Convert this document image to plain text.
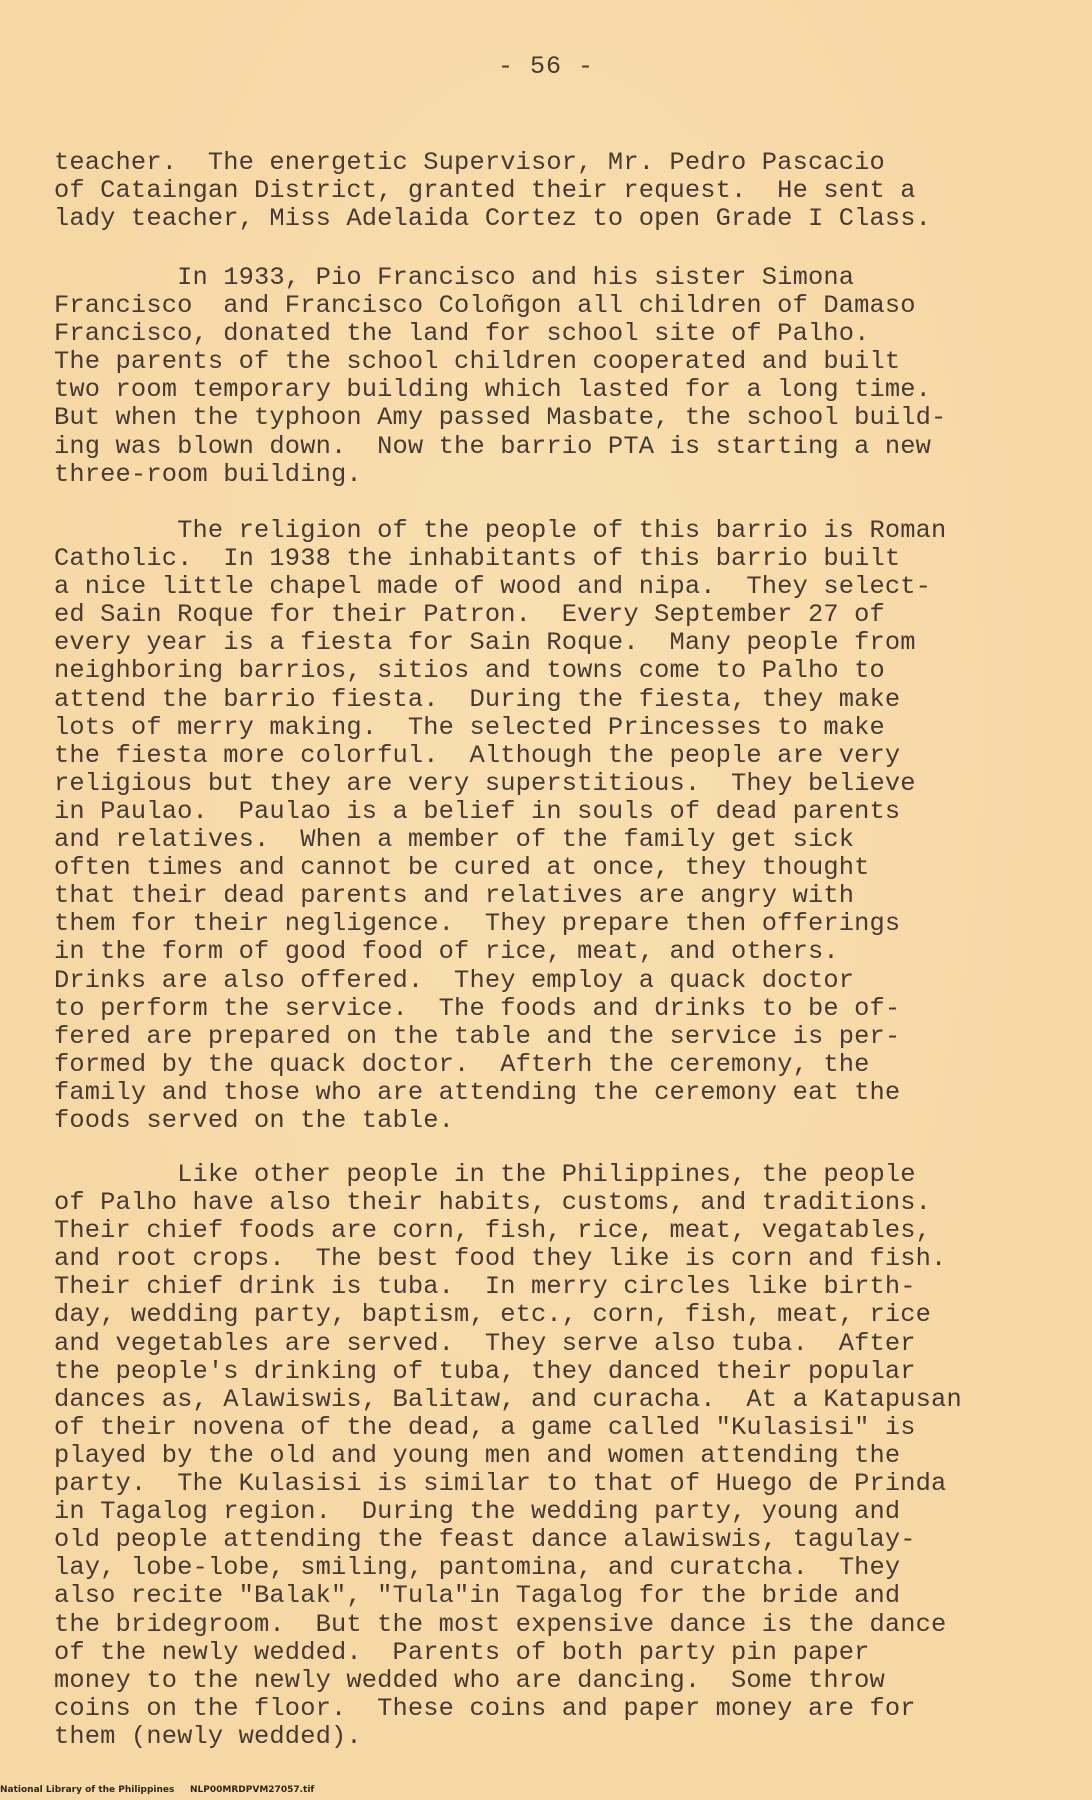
- 56 -

teacher.  The energetic Supervisor, Mr. Pedro Pascacio
of Cataingan District, granted their request.  He sent a
lady teacher, Miss Adelaida Cortez to open Grade I Class.

In 1933, Pio Francisco and his sister Simona
Francisco  and Francisco Coloñgon all children of Damaso
Francisco, donated the land for school site of Palho.
The parents of the school children cooperated and built
two room temporary building which lasted for a long time.
But when the typhoon Amy passed Masbate, the school build-
ing was blown down.  Now the barrio PTA is starting a new
three-room building.

The religion of the people of this barrio is Roman
Catholic.  In 1938 the inhabitants of this barrio built
a nice little chapel made of wood and nipa.  They select-
ed Sain Roque for their Patron.  Every September 27 of
every year is a fiesta for Sain Roque.  Many people from
neighboring barrios, sitios and towns come to Palho to
attend the barrio fiesta.  During the fiesta, they make
lots of merry making.  The selected Princesses to make
the fiesta more colorful.  Although the people are very
religious but they are very superstitious.  They believe
in Paulao.  Paulao is a belief in souls of dead parents
and relatives.  When a member of the family get sick
often times and cannot be cured at once, they thought
that their dead parents and relatives are angry with
them for their negligence.  They prepare then offerings
in the form of good food of rice, meat, and others.
Drinks are also offered.  They employ a quack doctor
to perform the service.  The foods and drinks to be of-
fered are prepared on the table and the service is per-
formed by the quack doctor.  Afterh the ceremony, the
family and those who are attending the ceremony eat the
foods served on the table.

Like other people in the Philippines, the people
of Palho have also their habits, customs, and traditions.
Their chief foods are corn, fish, rice, meat, vegatables,
and root crops.  The best food they like is corn and fish.
Their chief drink is tuba.  In merry circles like birth-
day, wedding party, baptism, etc., corn, fish, meat, rice
and vegetables are served.  They serve also tuba.  After
the people's drinking of tuba, they danced their popular
dances as, Alawiswis, Balitaw, and curacha.  At a Katapusan
of their novena of the dead, a game called "Kulasisi" is
played by the old and young men and women attending the
party.  The Kulasisi is similar to that of Huego de Prinda
in Tagalog region.  During the wedding party, young and
old people attending the feast dance alawiswis, tagulay-
lay, lobe-lobe, smiling, pantomina, and curatcha.  They
also recite "Balak", "Tula"in Tagalog for the bride and
the bridegroom.  But the most expensive dance is the dance
of the newly wedded.  Parents of both party pin paper
money to the newly wedded who are dancing.  Some throw
coins on the floor.  These coins and paper money are for
them (newly wedded).

National Library of the Philippines     NLP00MRDPVM27057.tif
